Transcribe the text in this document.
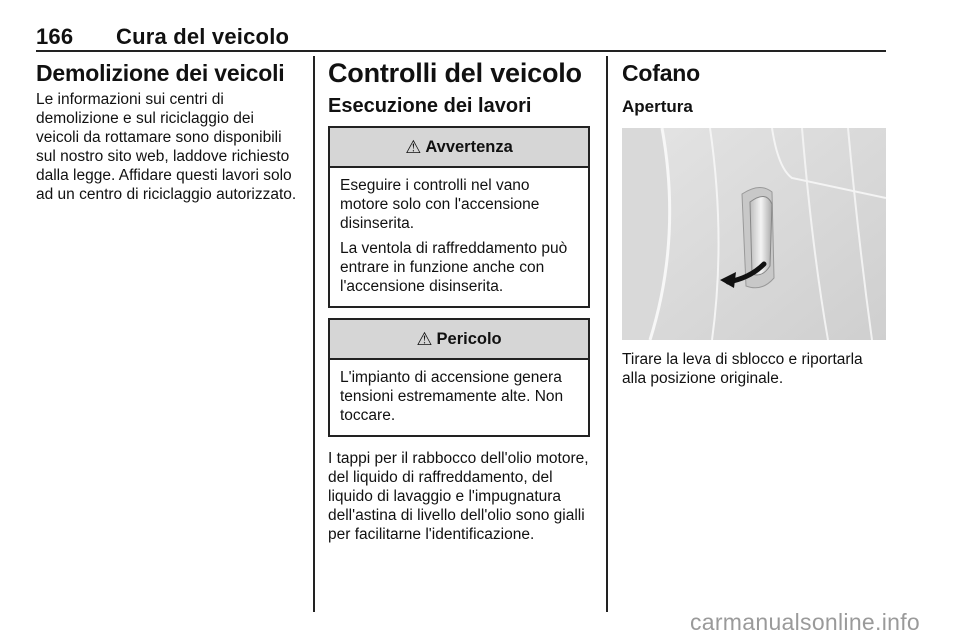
166 Cura del veicolo
Demolizione dei veicoli

Le informazioni sui centri di demolizione e sul riciclaggio dei veicoli da rottamare sono disponibili sul nostro sito web, laddove richiesto dalla legge. Affidare questi lavori solo ad un centro di riciclaggio autorizzato.

Controlli del veicolo
Esecuzione dei lavori
⚠ Avvertenza

Eseguire i controlli nel vano motore solo con l'accensione disinserita.

La ventola di raffreddamento può entrare in funzione anche con l'accensione disinserita.

⚠ Pericolo

L'impianto di accensione genera tensioni estremamente alte. Non toccare.

I tappi per il rabbocco dell'olio motore, del liquido di raffreddamento, del liquido di lavaggio e l'impugnatura dell'astina di livello dell'olio sono gialli per facilitarne l'identificazione.

Cofano
Apertura

Tirare la leva di sblocco e riportarla alla posizione originale.

carmanualsonline.info
